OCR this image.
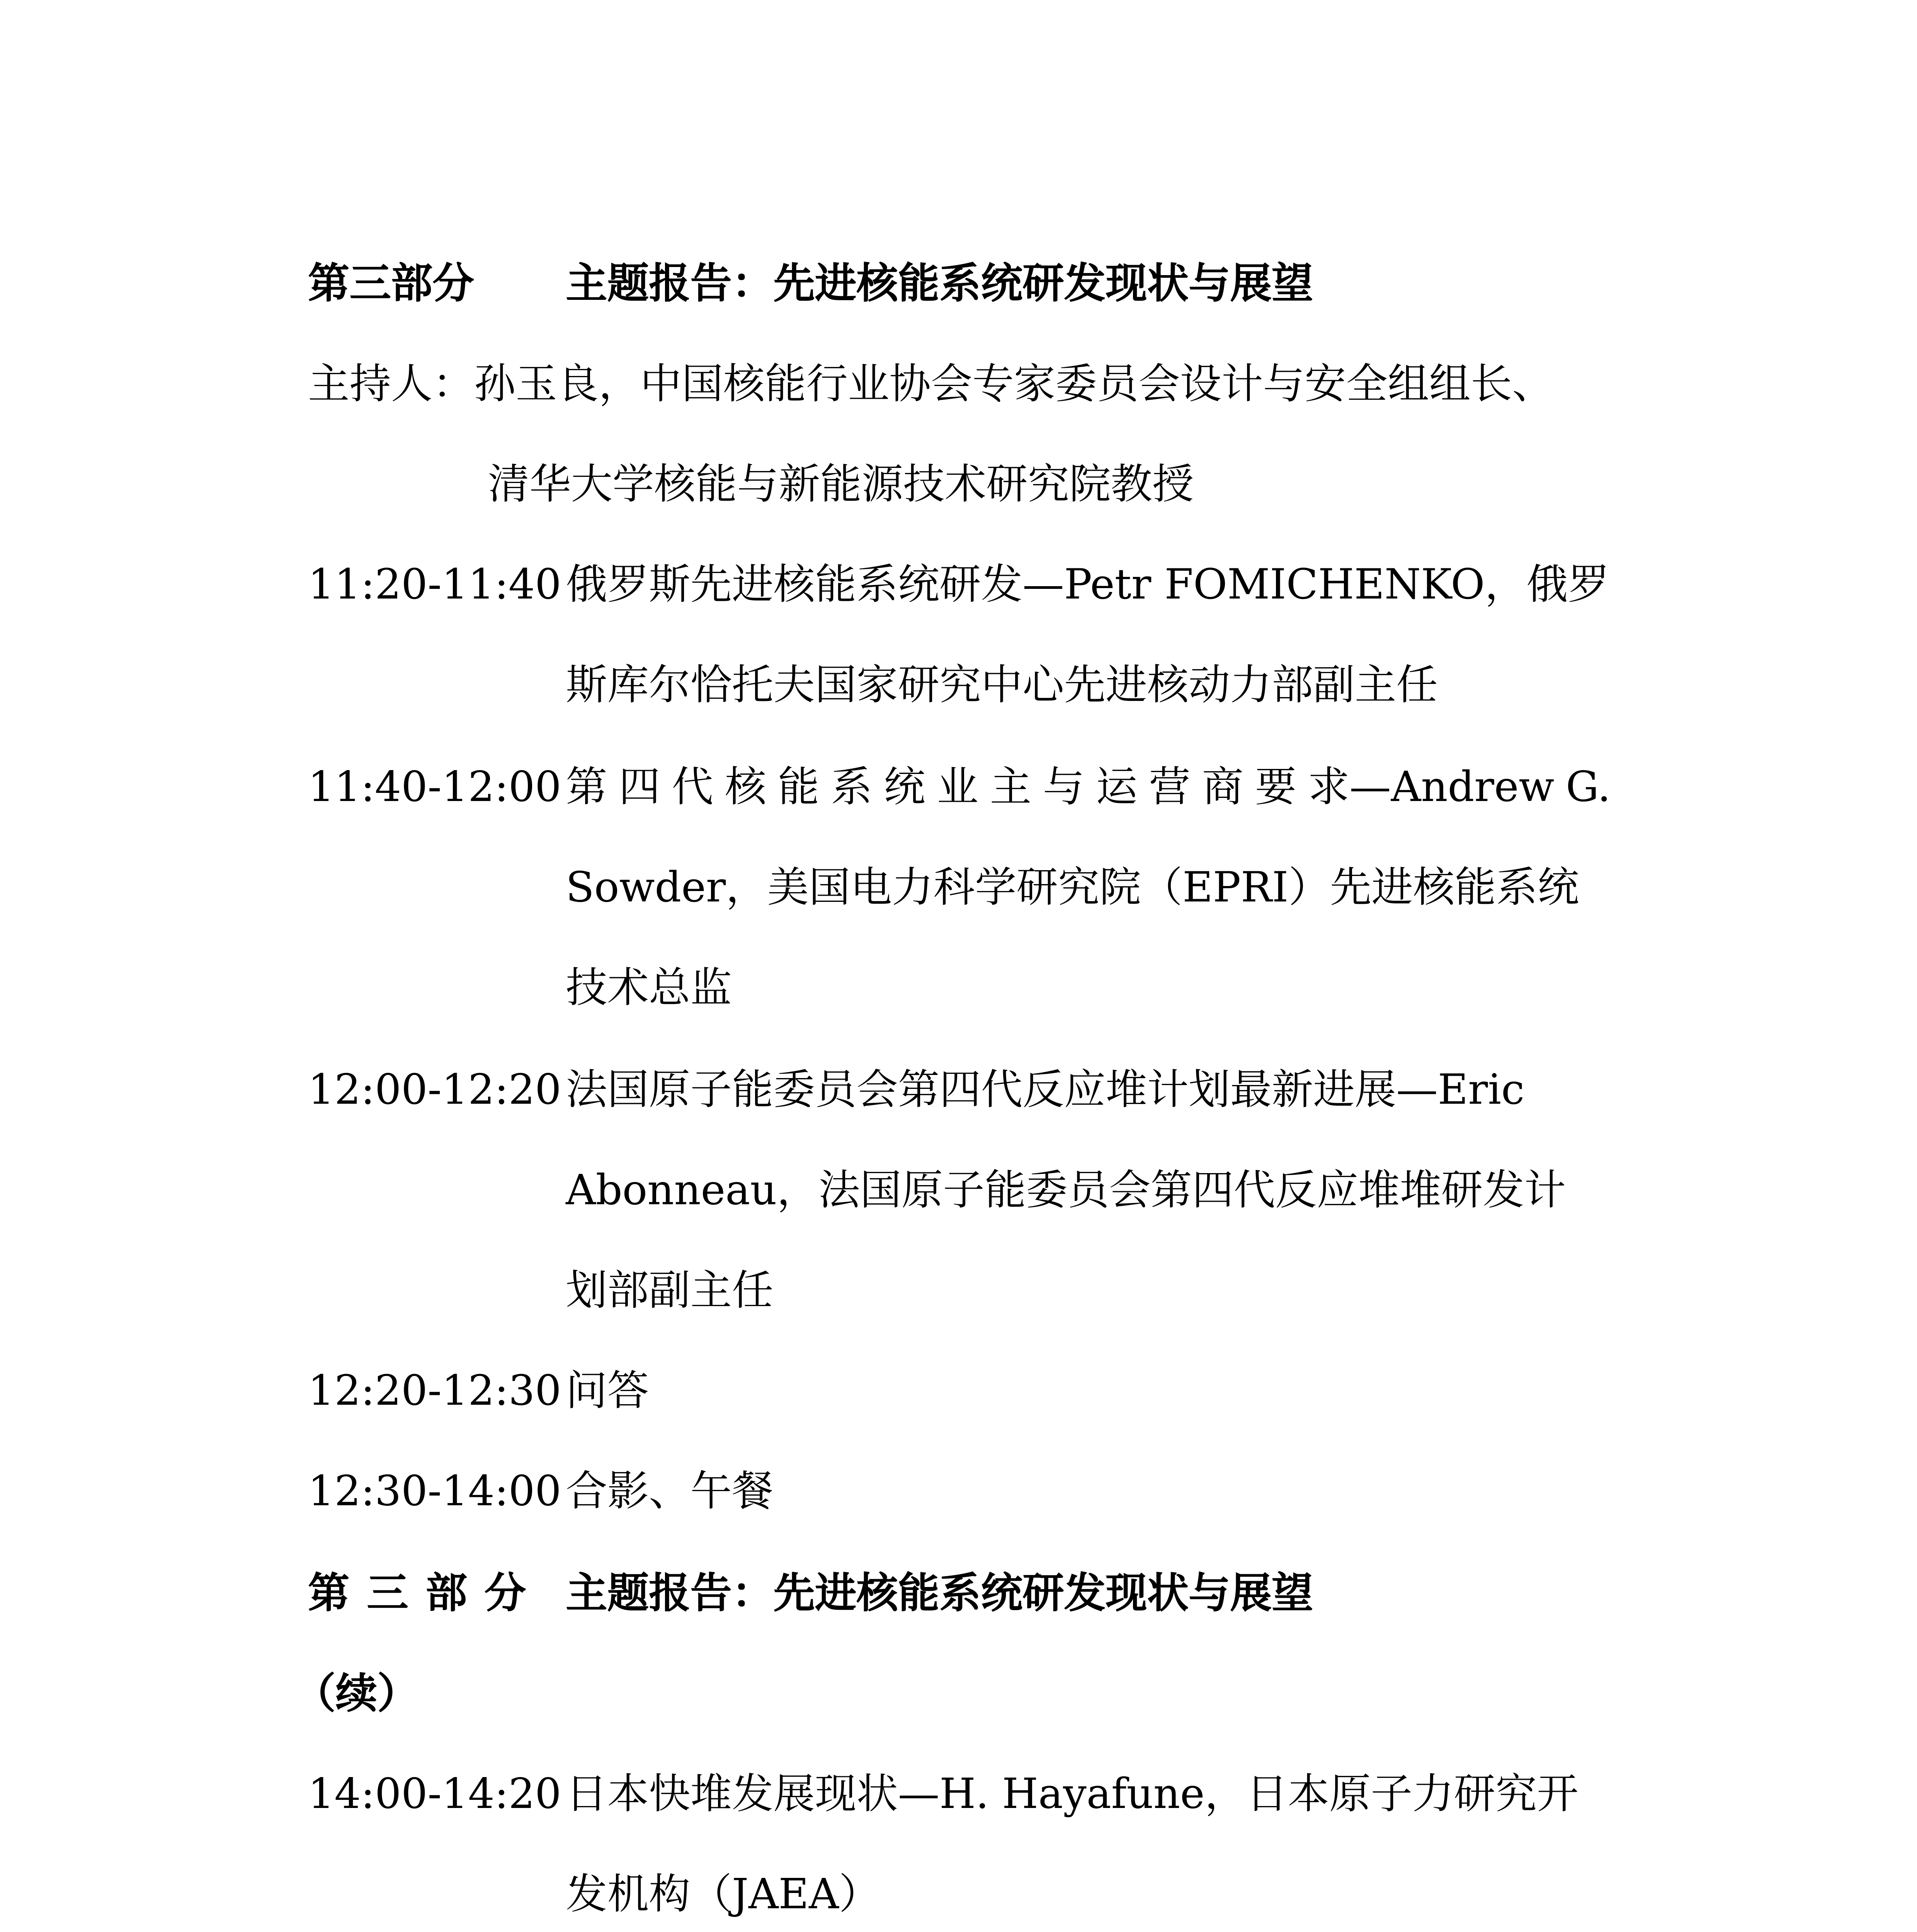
第三部分	主题报告：先进核能系统研发现状与展望
主持人：孙玉良，中国核能行业协会专家委员会设计与安全组组长、
清华大学核能与新能源技术研究院教授
11:20-11:40 俄罗斯先进核能系统研发—Petr FOMICHENKO，俄罗
斯库尔恰托夫国家研究中心先进核动力部副主任
11:40-12:00 第 四 代 核 能 系 统 业 主 与 运 营 商 要 求—Andrew G.
Sowder，美国电力科学研究院（EPRI）先进核能系统
技术总监
12:00-12:20 法国原子能委员会第四代反应堆计划最新进展—Eric
Abonneau，法国原子能委员会第四代反应堆堆研发计
划部副主任
12:20-12:30 问答
12:30-14:00 合影、午餐
第 三 部 分	主题报告：先进核能系统研发现状与展望
（续）
14:00-14:20 日本快堆发展现状—H. Hayafune，日本原子力研究开
发机构（JAEA）
